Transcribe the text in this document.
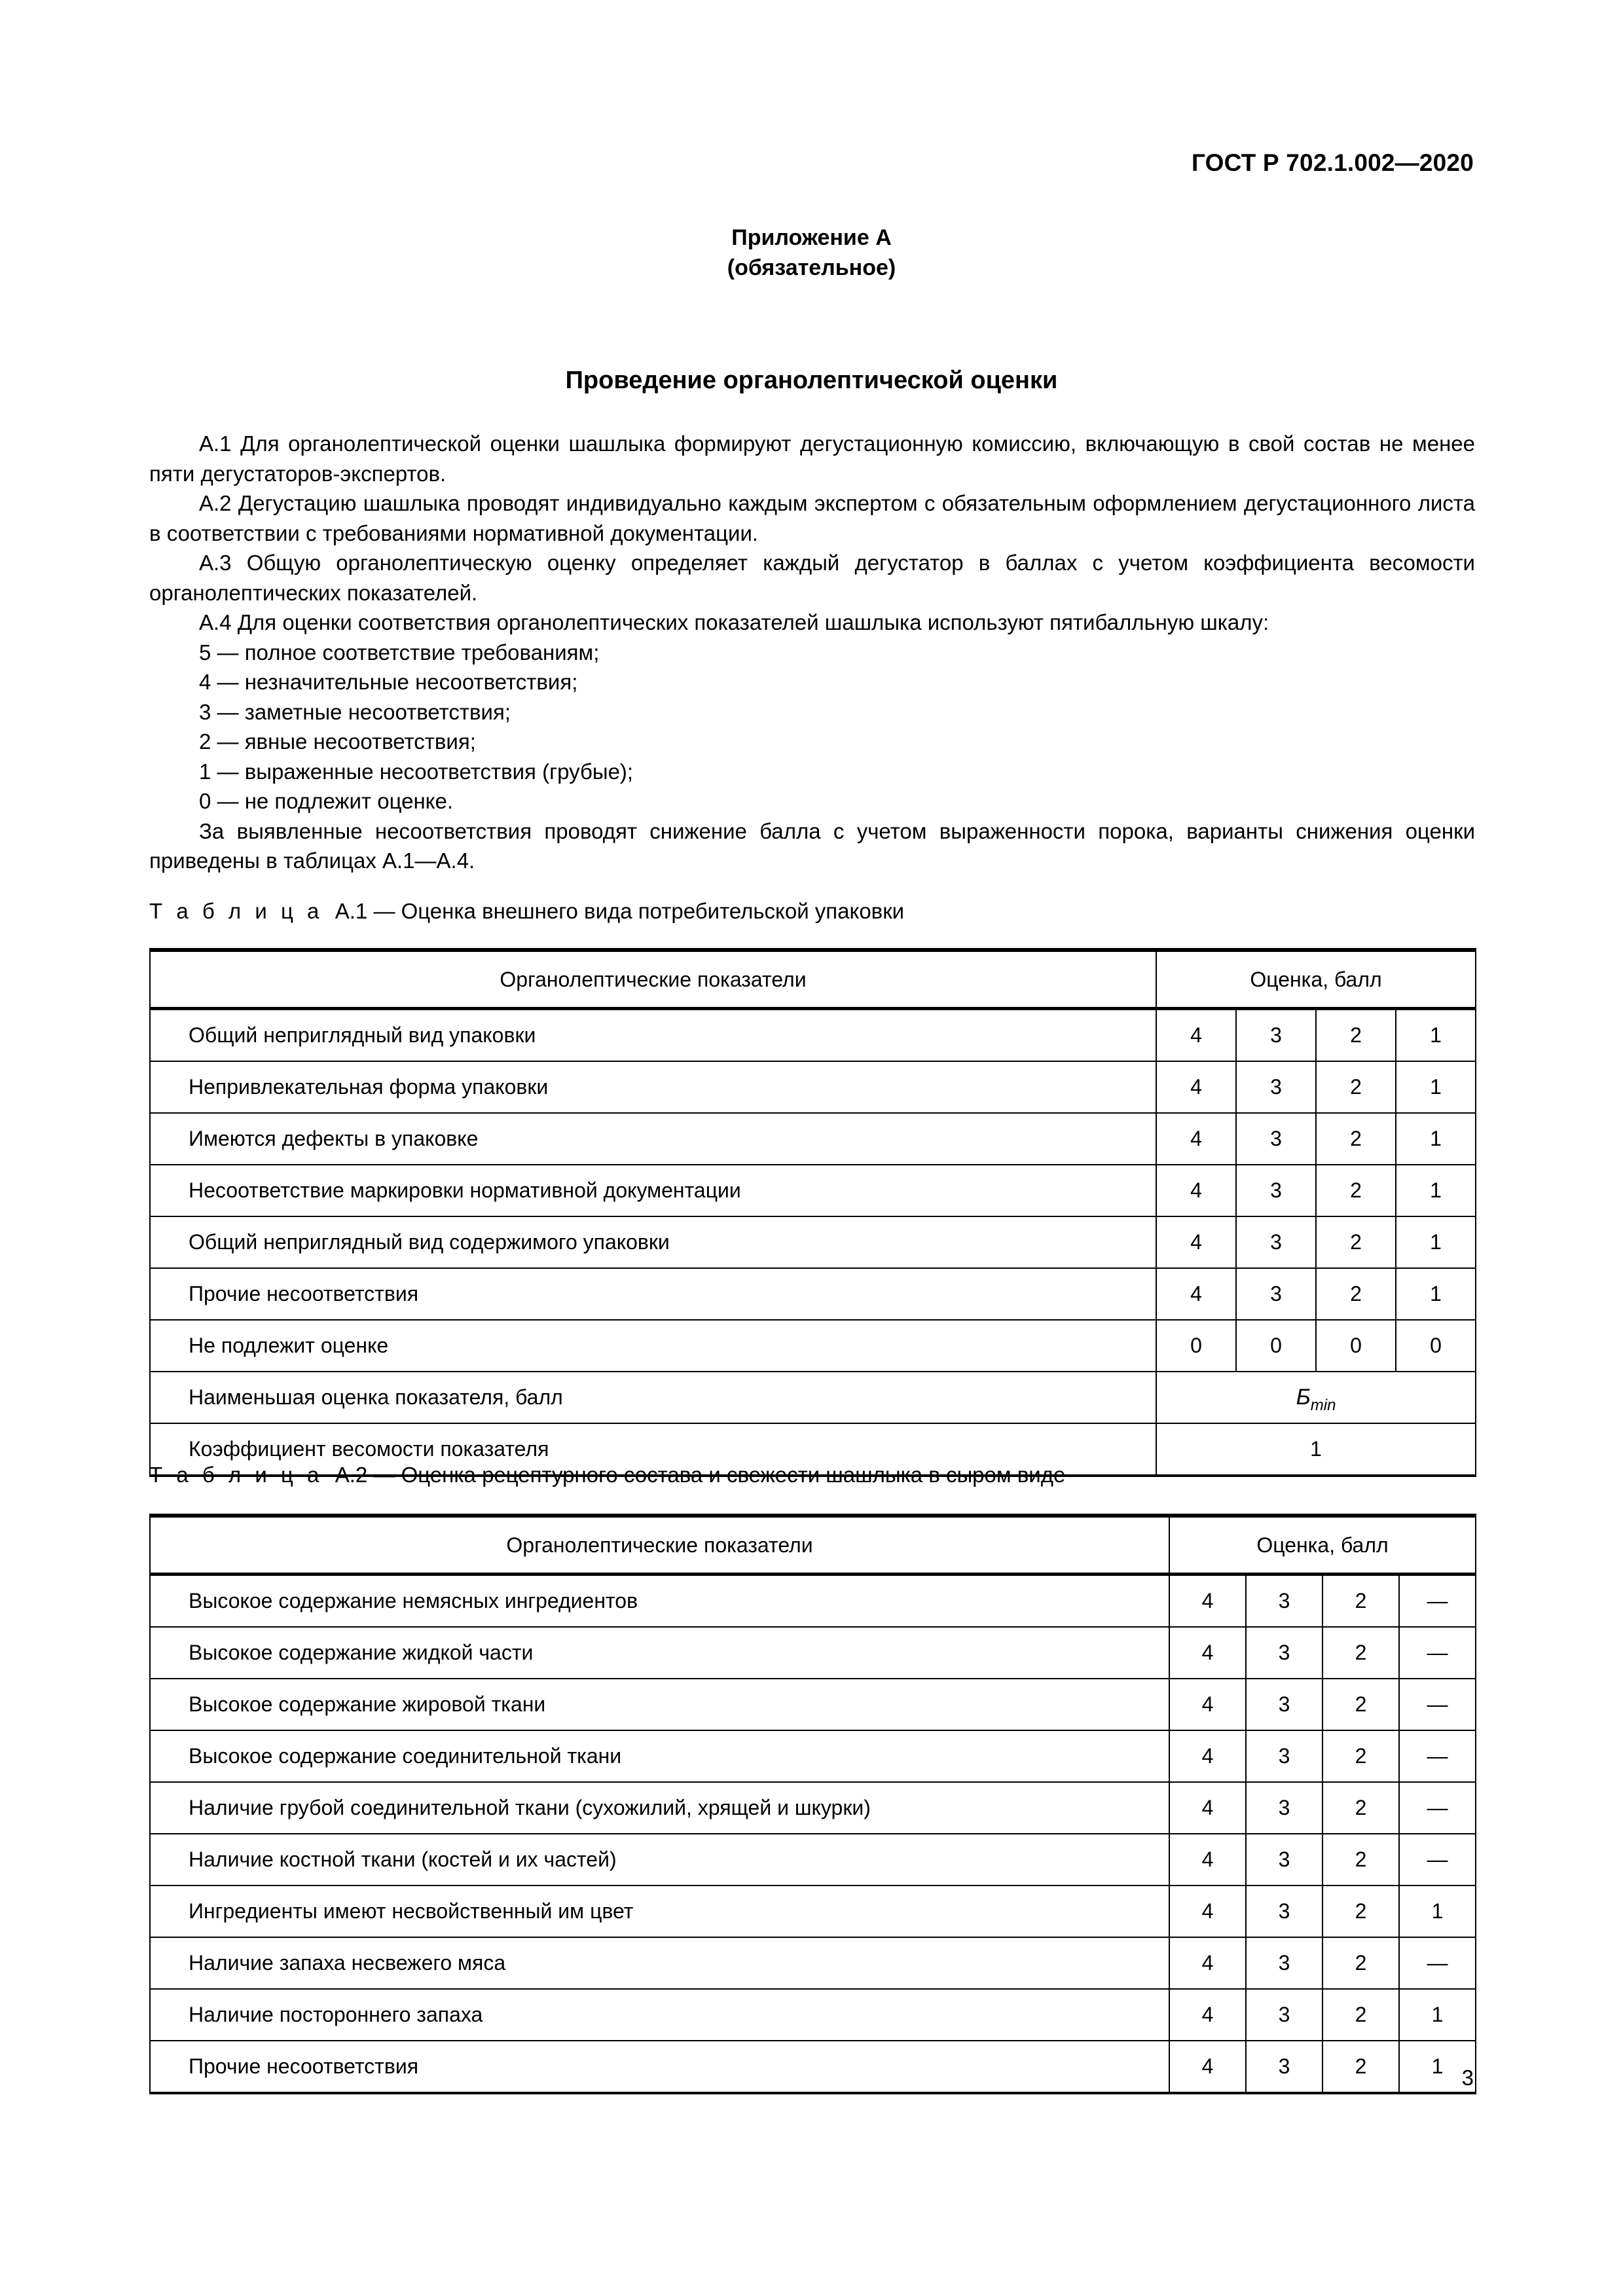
ГОСТ Р 702.1.002—2020
Приложение А
(обязательное)
Проведение органолептической оценки

А.1 Для органолептической оценки шашлыка формируют дегустационную комиссию, включающую в свой состав не менее пяти дегустаторов-экспертов.

А.2 Дегустацию шашлыка проводят индивидуально каждым экспертом с обязательным оформлением дегустационного листа в соответствии с требованиями нормативной документации.

А.3 Общую органолептическую оценку определяет каждый дегустатор в баллах с учетом коэффициента весомости органолептических показателей.

А.4 Для оценки соответствия органолептических показателей шашлыка используют пятибалльную шкалу:

5 — полное соответствие требованиям;

4 — незначительные несоответствия;

3 — заметные несоответствия;

2 — явные несоответствия;

1 — выраженные несоответствия (грубые);

0 — не подлежит оценке.

За выявленные несоответствия проводят снижение балла с учетом выраженности порока, варианты снижения оценки приведены в таблицах А.1—А.4.

Т а б л и ц а А.1 — Оценка внешнего вида потребительской упаковки
Органолептические показатели	Оценка, балл			
Общий неприглядный вид упаковки	4	3	2	1
Непривлекательная форма упаковки	4	3	2	1
Имеются дефекты в упаковке	4	3	2	1
Несоответствие маркировки нормативной документации	4	3	2	1
Общий неприглядный вид содержимого упаковки	4	3	2	1
Прочие несоответствия	4	3	2	1
Не подлежит оценке	0	0	0	0
Наименьшая оценка показателя, балл	$Б_{min}$
Коэффициент весомости показателя	1			
Т а б л и ц а А.2 — Оценка рецептурного состава и свежести шашлыка в сыром виде
Органолептические показатели	Оценка, балл			
Высокое содержание немясных ингредиентов	4	3	2	—
Высокое содержание жидкой части	4	3	2	—
Высокое содержание жировой ткани	4	3	2	—
Высокое содержание соединительной ткани	4	3	2	—
Наличие грубой соединительной ткани (сухожилий, хрящей и шкурки)	4	3	2	—
Наличие костной ткани (костей и их частей)	4	3	2	—
Ингредиенты имеют несвойственный им цвет	4	3	2	1
Наличие запаха несвежего мяса	4	3	2	—
Наличие постороннего запаха	4	3	2	1
Прочие несоответствия	4	3	2	1 3
